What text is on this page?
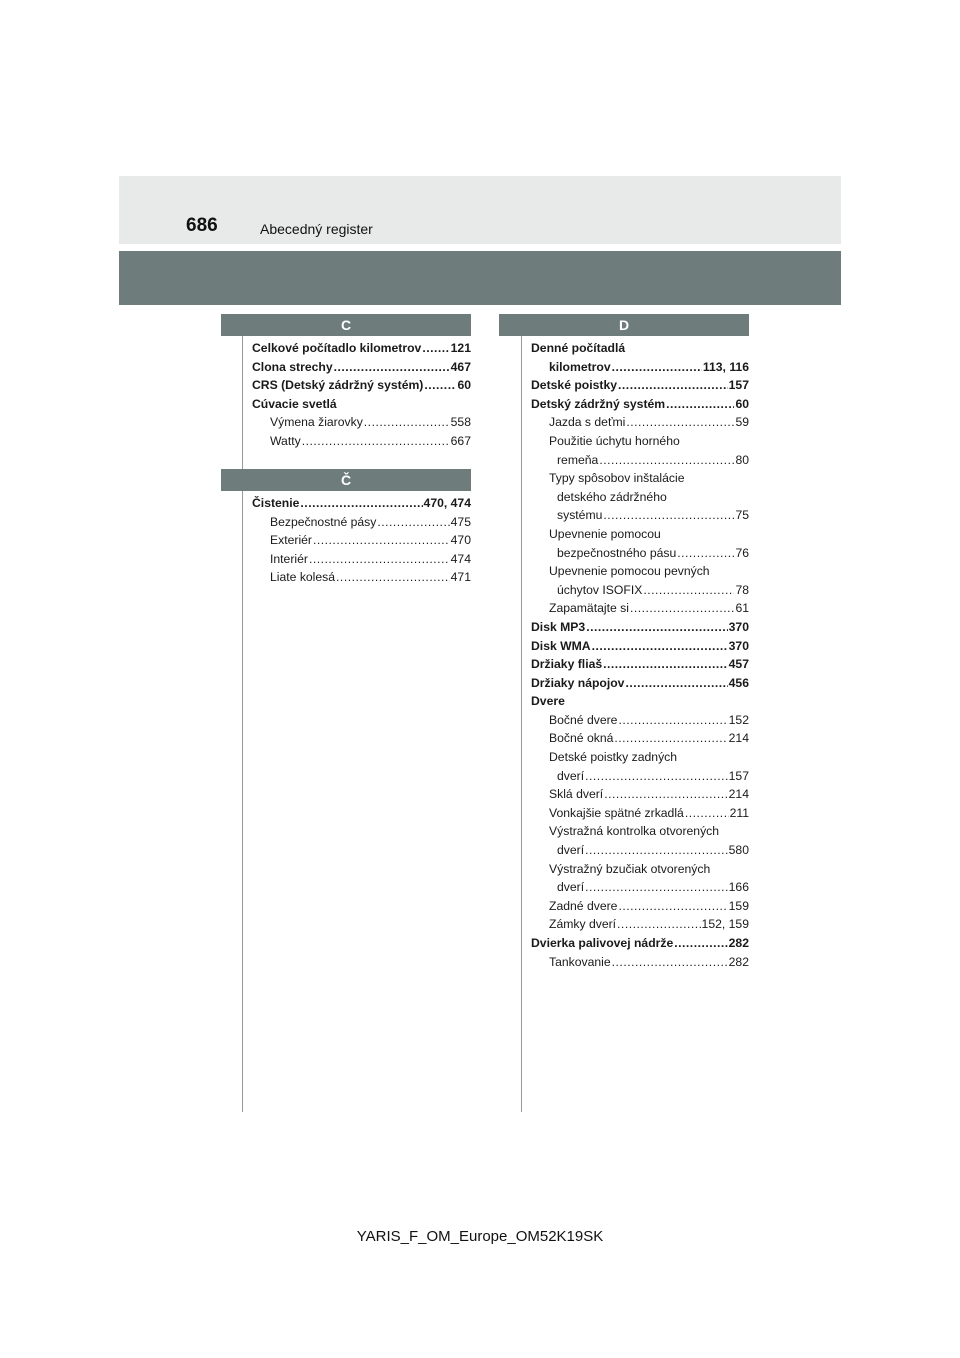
686	Abecedný register
C
Celkové počítadlo kilometrov ..... 121
Clona strechy .....	467
CRS (Detský zádržný systém) .....	60
Cúvacie svetlá
Výmena žiarovky .....	558
Watty .....	667
Č
Čistenie .....	470, 474
Bezpečnostné pásy .....	475
Exteriér .....	470
Interiér .....	474
Liate kolesá .....	471
D
Denné počítadlá
kilometrov .....	113, 116
Detské poistky .....	157
Detský zádržný systém .....	60
Jazda s deťmi .....	59
Použitie úchytu horného
remeňa .....	80
Typy spôsobov inštalácie
detského zádržného
systému .....	75
Upevnenie pomocou
bezpečnostného pásu .....	76
Upevnenie pomocou pevných
úchytov ISOFIX .....	78
Zapamätajte si .....	61
Disk MP3 .....	370
Disk WMA .....	370
Držiaky fliaš .....	457
Držiaky nápojov .....	456
Dvere
Bočné dvere .....	152
Bočné okná .....	214
Detské poistky zadných
dverí .....	157
Sklá dverí .....	214
Vonkajšie spätné zrkadlá .....	211
Výstražná kontrolka otvorených
dverí .....	580
Výstražný bzučiak otvorených
dverí .....	166
Zadné dvere .....	159
Zámky dverí .....	152, 159
Dvierka palivovej nádrže .....	282
Tankovanie .....	282
YARIS_F_OM_Europe_OM52K19SK
